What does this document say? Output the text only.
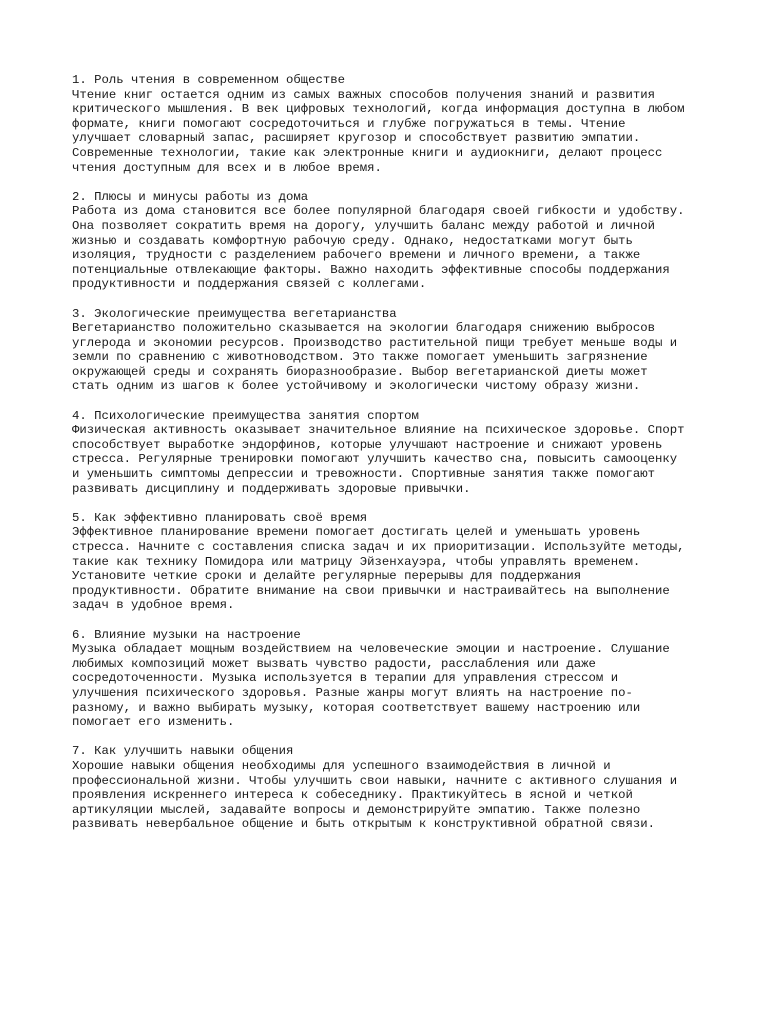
1. Роль чтения в современном обществе
Чтение книг остается одним из самых важных способов получения знаний и развития
критического мышления. В век цифровых технологий, когда информация доступна в любом
формате, книги помогают сосредоточиться и глубже погружаться в темы. Чтение
улучшает словарный запас, расширяет кругозор и способствует развитию эмпатии.
Современные технологии, такие как электронные книги и аудиокниги, делают процесс
чтения доступным для всех и в любое время.
2. Плюсы и минусы работы из дома
Работа из дома становится все более популярной благодаря своей гибкости и удобству.
Она позволяет сократить время на дорогу, улучшить баланс между работой и личной
жизнью и создавать комфортную рабочую среду. Однако, недостатками могут быть
изоляция, трудности с разделением рабочего времени и личного времени, а также
потенциальные отвлекающие факторы. Важно находить эффективные способы поддержания
продуктивности и поддержания связей с коллегами.
3. Экологические преимущества вегетарианства
Вегетарианство положительно сказывается на экологии благодаря снижению выбросов
углерода и экономии ресурсов. Производство растительной пищи требует меньше воды и
земли по сравнению с животноводством. Это также помогает уменьшить загрязнение
окружающей среды и сохранять биоразнообразие. Выбор вегетарианской диеты может
стать одним из шагов к более устойчивому и экологически чистому образу жизни.
4. Психологические преимущества занятия спортом
Физическая активность оказывает значительное влияние на психическое здоровье. Спорт
способствует выработке эндорфинов, которые улучшают настроение и снижают уровень
стресса. Регулярные тренировки помогают улучшить качество сна, повысить самооценку
и уменьшить симптомы депрессии и тревожности. Спортивные занятия также помогают
развивать дисциплину и поддерживать здоровые привычки.
5. Как эффективно планировать своё время
Эффективное планирование времени помогает достигать целей и уменьшать уровень
стресса. Начните с составления списка задач и их приоритизации. Используйте методы,
такие как технику Помидора или матрицу Эйзенхауэра, чтобы управлять временем.
Установите четкие сроки и делайте регулярные перерывы для поддержания
продуктивности. Обратите внимание на свои привычки и настраивайтесь на выполнение
задач в удобное время.
6. Влияние музыки на настроение
Музыка обладает мощным воздействием на человеческие эмоции и настроение. Слушание
любимых композиций может вызвать чувство радости, расслабления или даже
сосредоточенности. Музыка используется в терапии для управления стрессом и
улучшения психического здоровья. Разные жанры могут влиять на настроение по-
разному, и важно выбирать музыку, которая соответствует вашему настроению или
помогает его изменить.
7. Как улучшить навыки общения
Хорошие навыки общения необходимы для успешного взаимодействия в личной и
профессиональной жизни. Чтобы улучшить свои навыки, начните с активного слушания и
проявления искреннего интереса к собеседнику. Практикуйтесь в ясной и четкой
артикуляции мыслей, задавайте вопросы и демонстрируйте эмпатию. Также полезно
развивать невербальное общение и быть открытым к конструктивной обратной связи.
